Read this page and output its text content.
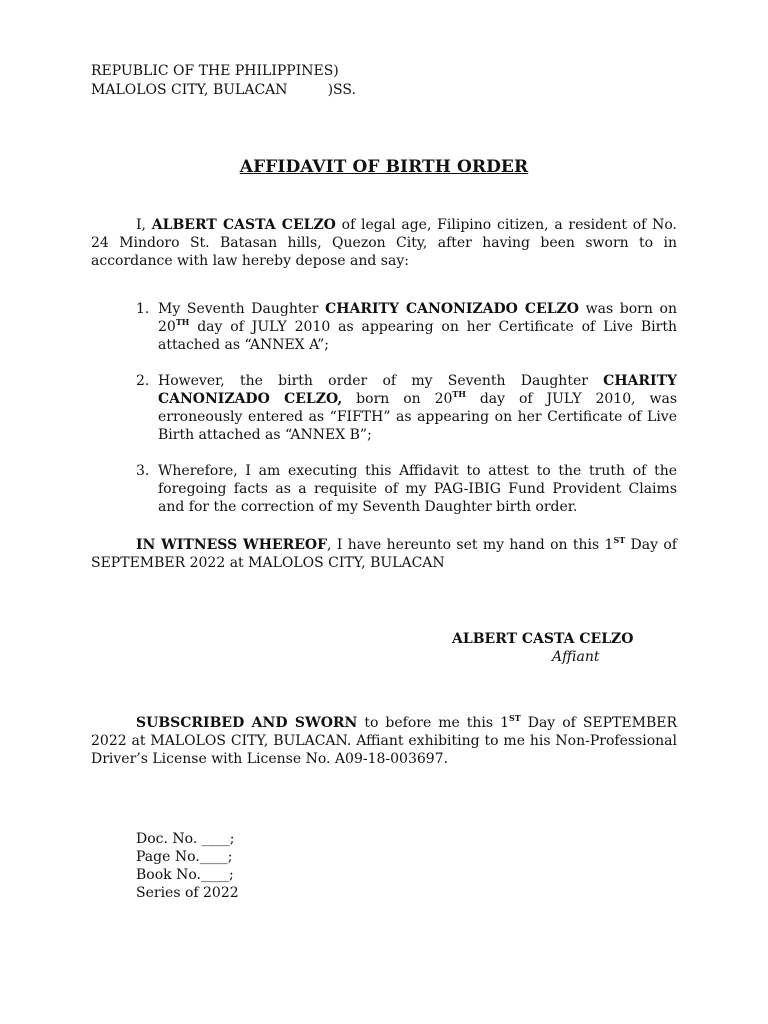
REPUBLIC OF THE PHILIPPINES)
MALOLOS CITY, BULACAN         )SS.
AFFIDAVIT OF BIRTH ORDER

I, ALBERT CASTA CELZO of legal age, Filipino citizen, a resident of No. 24 Mindoro St. Batasan hills, Quezon City, after having been sworn to in accordance with law hereby depose and say:

1. My Seventh Daughter CHARITY CANONIZADO CELZO was born on 20TH day of JULY 2010 as appearing on her Certificate of Live Birth attached as “ANNEX A”;
2. However, the birth order of my Seventh Daughter CHARITY CANONIZADO CELZO, born on 20TH day of JULY 2010, was erroneously entered as “FIFTH” as appearing on her Certificate of Live Birth attached as “ANNEX B”;
3. Wherefore, I am executing this Affidavit to attest to the truth of the foregoing facts as a requisite of my PAG-IBIG Fund Provident Claims and for the correction of my Seventh Daughter birth order.

IN WITNESS WHEREOF, I have hereunto set my hand on this 1ST Day of SEPTEMBER 2022 at MALOLOS CITY, BULACAN

ALBERT CASTA CELZO
Affiant

SUBSCRIBED AND SWORN to before me this 1ST Day of SEPTEMBER 2022 at MALOLOS CITY, BULACAN. Affiant exhibiting to me his Non-Professional Driver’s License with License No. A09-18-003697.

Doc. No. ____;
Page No.____;
Book No.____;
Series of 2022
